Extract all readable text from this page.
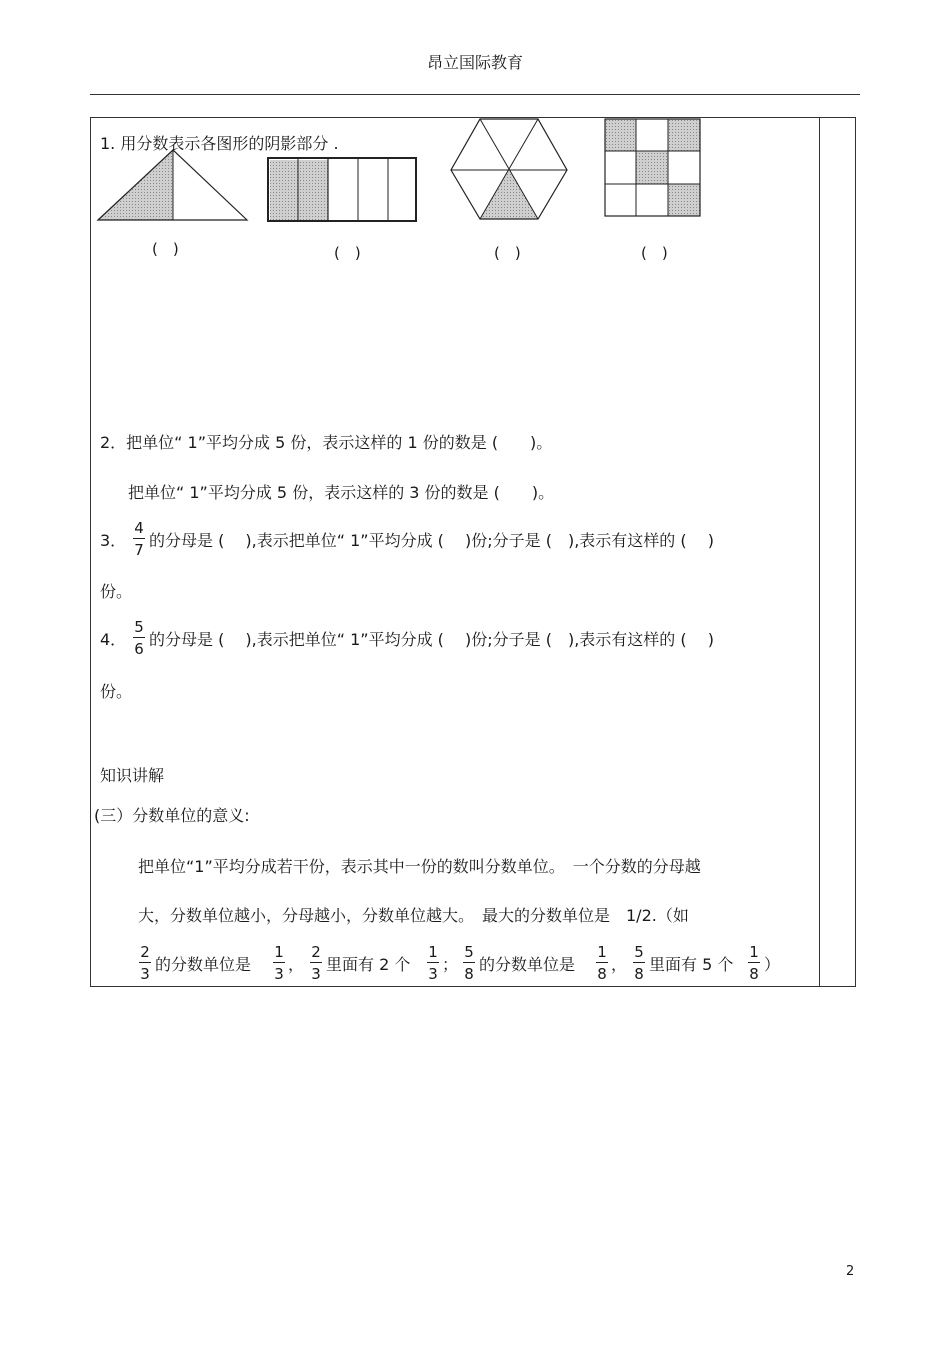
昂立国际教育
1. 用分数表示各图形的阴影部分 .
(　)	(　)	(　)	(　)
2．把单位“ 1”平均分成 5 份，表示这样的 1 份的数是 (　　)。
把单位“ 1”平均分成 5 份，表示这样的 3 份的数是 (　　)。
3．
4
7 的分母是 (　 ),表示把单位“ 1”平均分成 (　 )份;分子是 (　),表示有这样的 (　 )
份。
4．
5
6 的分母是 (　 ),表示把单位“ 1”平均分成 (　 )份;分子是 (　),表示有这样的 (　 )
份。
知识讲解
(三）分数单位的意义:
把单位“1”平均分成若干份，表示其中一份的数叫分数单位。　一个分数的分母越
大，分数单位越小，分母越小，分数单位越大。　最大的分数单位是　1/2.（如
2
3 的分数单位是
1
3 ，
2
3 里面有 2 个
1
3 ；
5
8 的分数单位是
1
8 ，
5
8 里面有 5 个
1
8 ）
2
